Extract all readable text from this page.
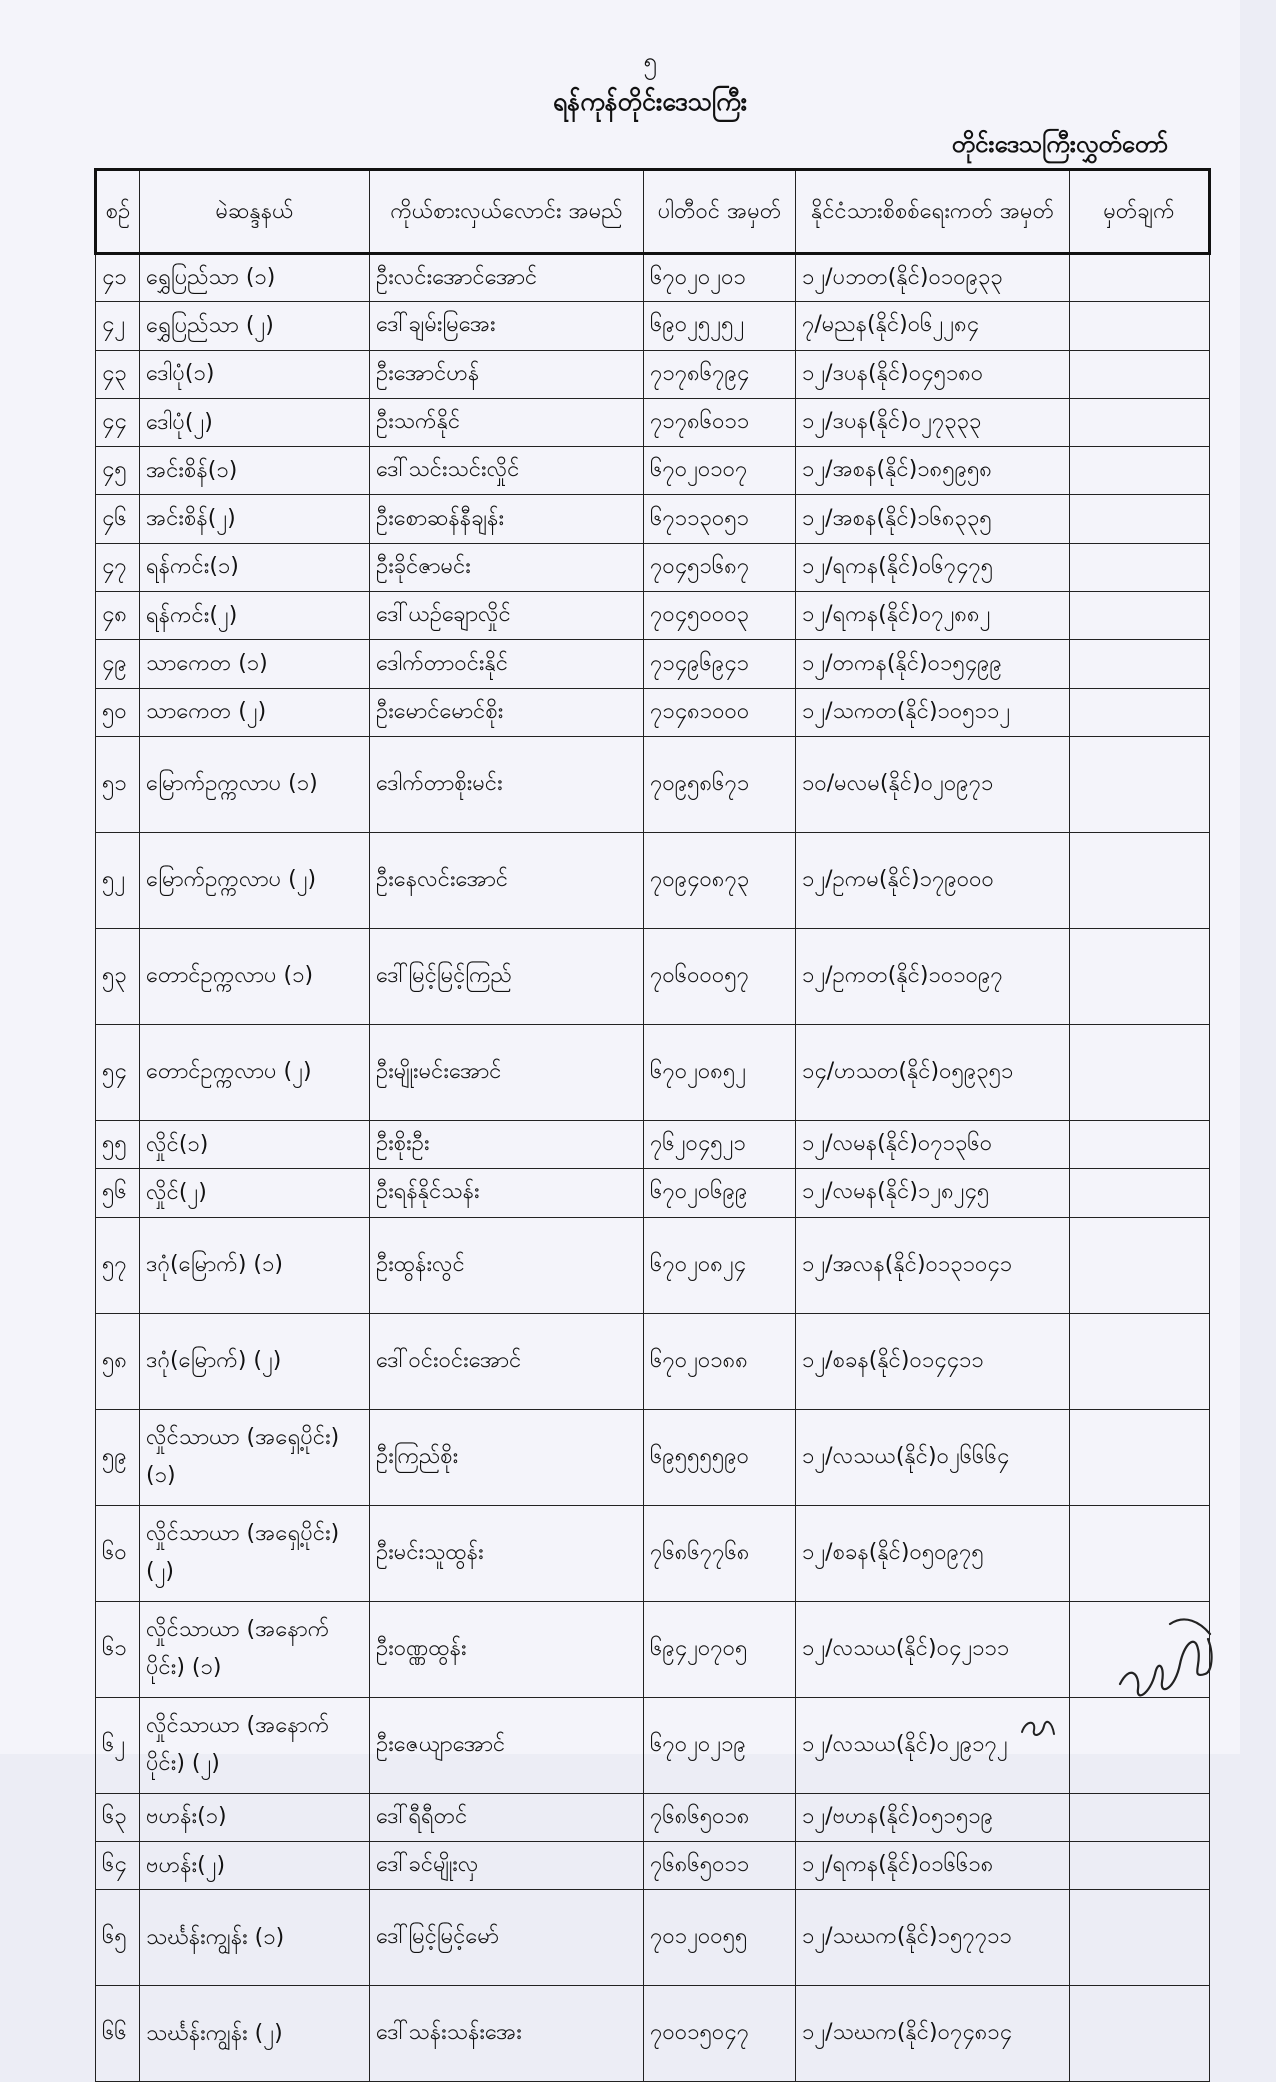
၅
ရန်ကုန်တိုင်းဒေသကြီး
တိုင်းဒေသကြီးလွှတ်တော်
စဉ်	မဲဆန္ဒနယ်	ကိုယ်စားလှယ်လောင်း အမည်	ပါတီဝင် အမှတ်	နိုင်ငံသားစိစစ်ရေးကတ် အမှတ်	မှတ်ချက်
၄၁	ရွှေပြည်သာ (၁)	ဦးလင်းအောင်အောင်	၆၇၀၂၀၂၀၁	၁၂/ပဘတ(နိုင်)၀၁၀၉၃၃	
၄၂	ရွှေပြည်သာ (၂)	ဒေါ်ချမ်းမြအေး	၆၉၀၂၅၂၅၂	၇/မညန(နိုင်)၀၆၂၂၈၄	
၄၃	ဒေါပုံ(၁)	ဦးအောင်ဟန်	၇၁၇၈၆၇၉၄	၁၂/ဒပန(နိုင်)၀၄၅၁၈၀	
၄၄	ဒေါပုံ(၂)	ဦးသက်နိုင်	၇၁၇၈၆၀၁၁	၁၂/ဒပန(နိုင်)၀၂၇၃၃၃	
၄၅	အင်းစိန်(၁)	ဒေါ်သင်းသင်းလှိုင်	၆၇၀၂၀၁၀၇	၁၂/အစန(နိုင်)၁၈၅၉၅၈	
၄၆	အင်းစိန်(၂)	ဦးစောဆန်နီချန်း	၆၇၁၁၃၀၅၁	၁၂/အစန(နိုင်)၁၆၈၃၃၅	
၄၇	ရန်ကင်း(၁)	ဦးခိုင်ဇာမင်း	၇၀၄၅၁၆၈၇	၁၂/ရကန(နိုင်)၀၆၇၄၇၅	
၄၈	ရန်ကင်း(၂)	ဒေါ်ယဉ်ချောလှိုင်	၇၀၄၅၀၀၀၃	၁၂/ရကန(နိုင်)၀၇၂၈၈၂	
၄၉	သာကေတ (၁)	ဒေါက်တာဝင်းနိုင်	၇၁၄၉၆၉၄၁	၁၂/တကန(နိုင်)၀၁၅၄၉၉	
၅၀	သာကေတ (၂)	ဦးမောင်မောင်စိုး	၇၁၄၈၁၀၀၀	၁၂/သကတ(နိုင်)၁၀၅၁၁၂	
၅၁	မြောက်ဥက္ကလာပ (၁)	ဒေါက်တာစိုးမင်း	၇၀၉၅၈၆၇၁	၁၀/မလမ(နိုင်)၀၂၀၉၇၁	
၅၂	မြောက်ဥက္ကလာပ (၂)	ဦးနေလင်းအောင်	၇၀၉၄၀၈၇၃	၁၂/ဥကမ(နိုင်)၁၇၉၀၀၀	
၅၃	တောင်ဥက္ကလာပ (၁)	ဒေါ်မြင့်မြင့်ကြည်	၇၀၆၀၀၀၅၇	၁၂/ဥကတ(နိုင်)၁၀၁၀၉၇	
၅၄	တောင်ဥက္ကလာပ (၂)	ဦးမျိုးမင်းအောင်	၆၇၀၂၀၈၅၂	၁၄/ဟသတ(နိုင်)၀၅၉၃၅၁	
၅၅	လှိုင်(၁)	ဦးစိုးဦး	၇၆၂၀၄၅၂၁	၁၂/လမန(နိုင်)၀၇၁၃၆၀	
၅၆	လှိုင်(၂)	ဦးရန်နိုင်သန်း	၆၇၀၂၀၆၉၉	၁၂/လမန(နိုင်)၁၂၈၂၄၅	
၅၇	ဒဂုံ(မြောက်) (၁)	ဦးထွန်းလွင်	၆၇၀၂၀၈၂၄	၁၂/အလန(နိုင်)၀၁၃၁၀၄၁	
၅၈	ဒဂုံ(မြောက်) (၂)	ဒေါ်ဝင်းဝင်းအောင်	၆၇၀၂၀၁၈၈	၁၂/စခန(နိုင်)၀၁၄၄၁၁	
၅၉	လှိုင်သာယာ (အရှေ့ပိုင်း) (၁)	ဦးကြည်စိုး	၆၉၅၅၅၅၉၀	၁၂/လသယ(နိုင်)၀၂၆၆၆၄	
၆၀	လှိုင်သာယာ (အရှေ့ပိုင်း) (၂)	ဦးမင်းသူထွန်း	၇၆၈၆၇၇၆၈	၁၂/စခန(နိုင်)၀၅၀၉၇၅	
၆၁	လှိုင်သာယာ (အနောက်ပိုင်း) (၁)	ဦးဝဏ္ဏထွန်း	၆၉၄၂၀၇၀၅	၁၂/လသယ(နိုင်)၀၄၂၁၁၁	
၆၂	လှိုင်သာယာ (အနောက်ပိုင်း) (၂)	ဦးဇေယျာအောင်	၆၇၀၂၀၂၁၉	၁၂/လသယ(နိုင်)၀၂၉၁၇၂	
၆၃	ဗဟန်း(၁)	ဒေါ်ရီရီတင်	၇၆၈၆၅၀၁၈	၁၂/ဗဟန(နိုင်)၀၅၁၅၁၉	
၆၄	ဗဟန်း(၂)	ဒေါ်ခင်မျိုးလှ	၇၆၈၆၅၀၁၁	၁၂/ရကန(နိုင်)၀၁၆၆၁၈	
၆၅	သင်္ဃန်းကျွန်း (၁)	ဒေါ်မြင့်မြင့်မော်	၇၀၁၂၀၀၅၅	၁၂/သဃက(နိုင်)၁၅၇၇၁၁	
၆၆	သင်္ဃန်းကျွန်း (၂)	ဒေါ်သန်းသန်းအေး	၇၀၀၁၅၀၄၇	၁၂/သဃက(နိုင်)၀၇၄၈၁၄	
